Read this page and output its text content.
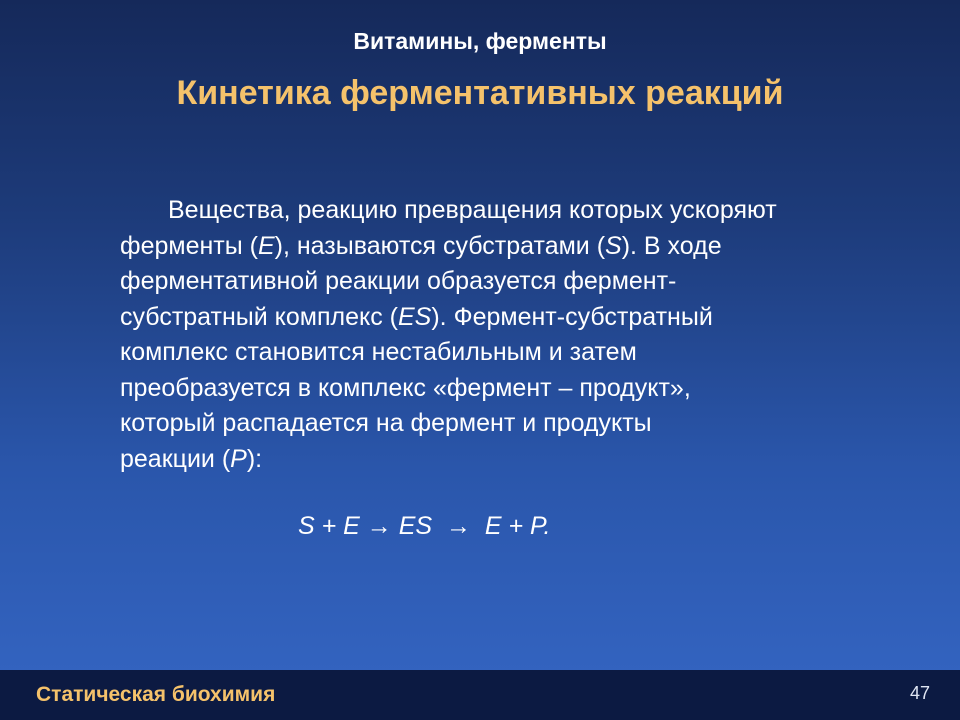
Витамины, ферменты
Кинетика ферментативных реакций
Вещества, реакцию превращения которых ускоряют
ферменты (Е), называются субстратами (S). В ходе
ферментативной реакции образуется фермент-
субстратный комплекс (ES). Фермент-субстратный
комплекс становится нестабильным и затем
преобразуется в комплекс «фермент – продукт»,
который распадается на фермент и продукты
реакции (Р):
S + E → ES  →  E + P.
Статическая биохимия	47
